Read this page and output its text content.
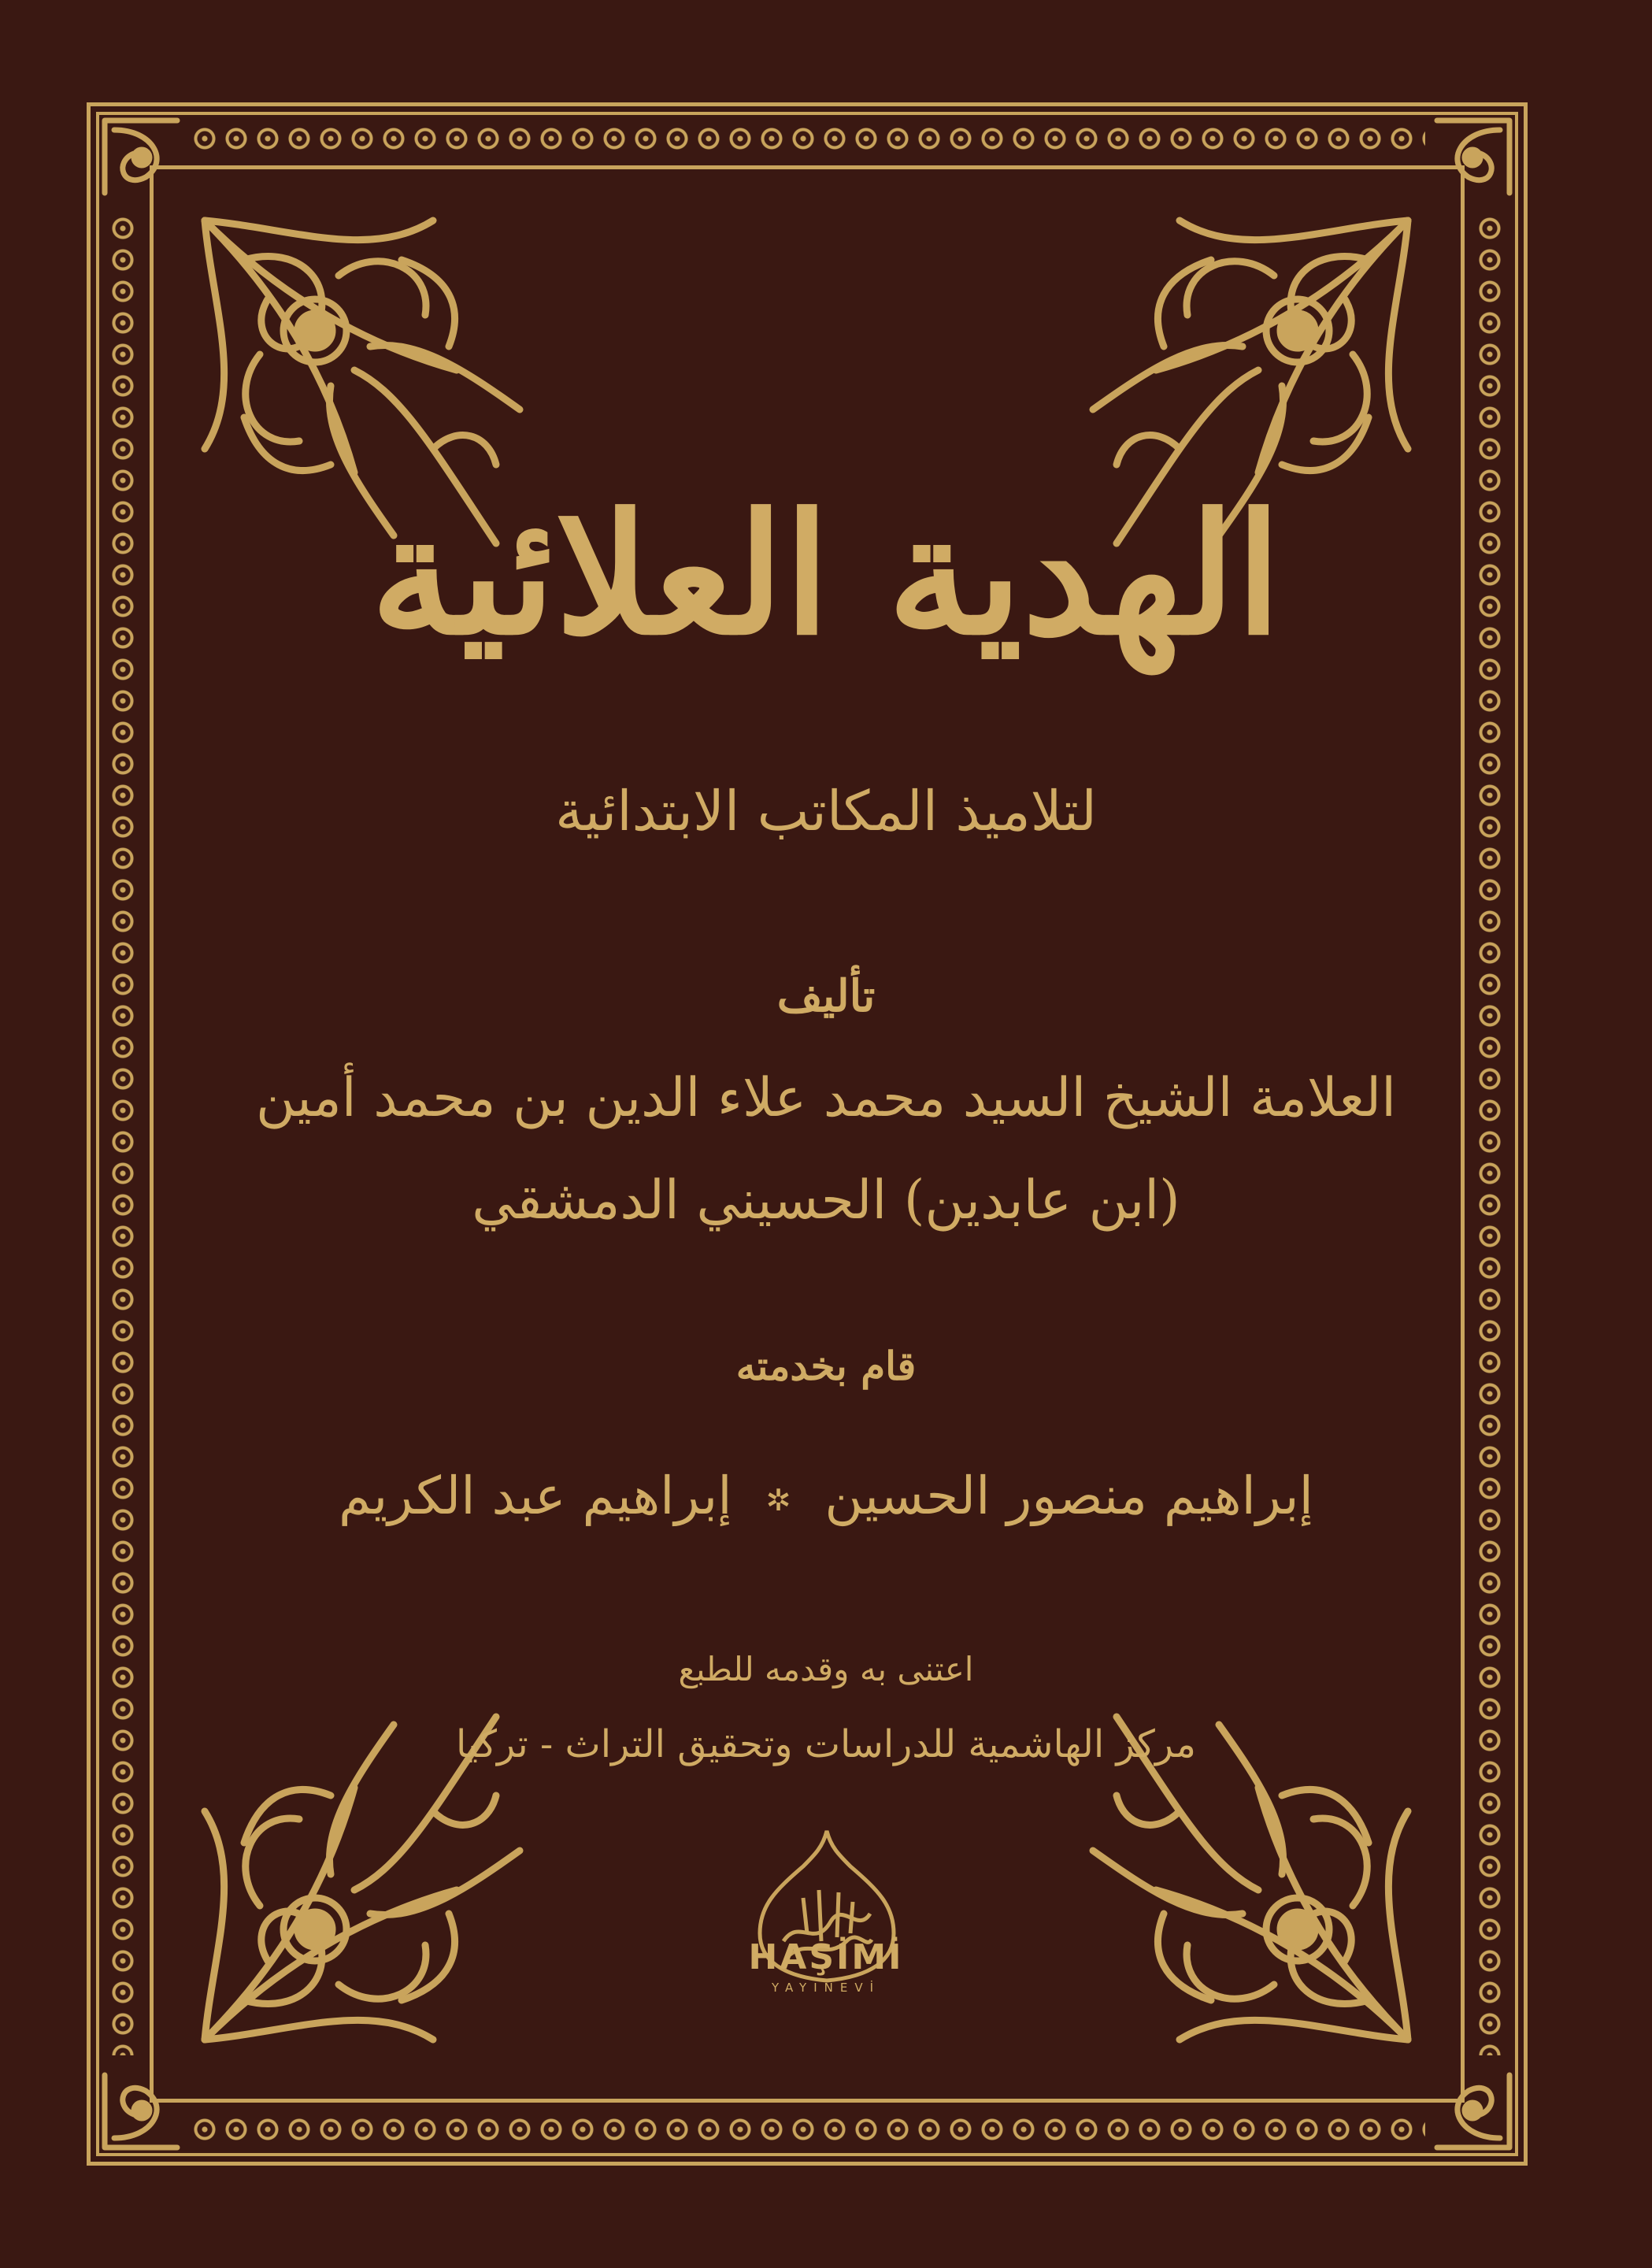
الهدية العلائية
لتلاميذ المكاتب الابتدائية
تأليف
العلامة الشيخ السيد محمد علاء الدين بن محمد أمين
(ابن عابدين) الحسيني الدمشقي
قام بخدمته
إبراهيم منصور الحسين ✲ إبراهيم عبد الكريم
اعتنى به وقدمه للطبع
مركز الهاشمية للدراسات وتحقيق التراث - تركيا
HAŞİMİ
YAYINEVİ
